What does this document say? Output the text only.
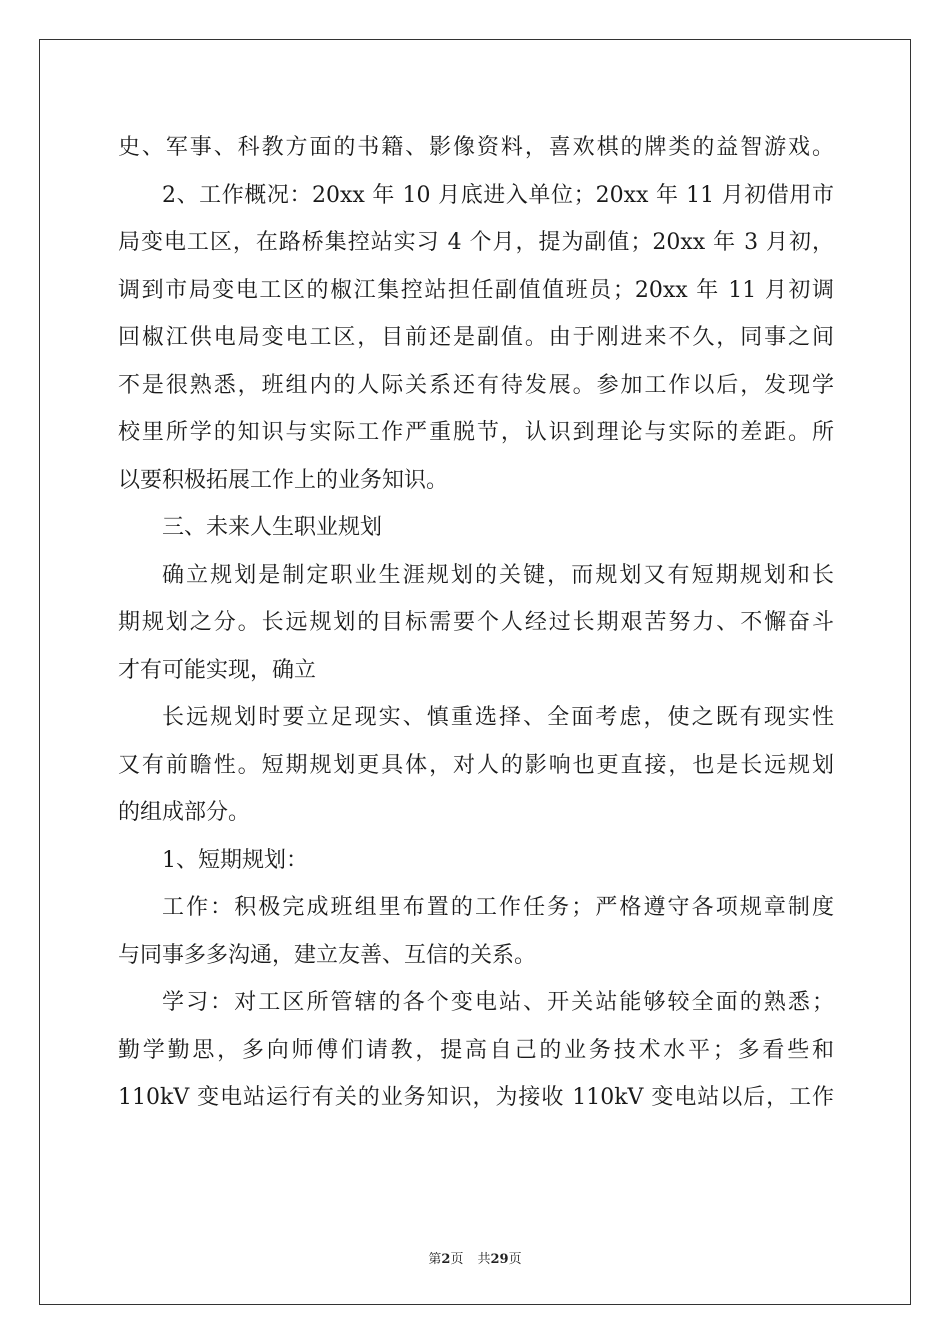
史、军事、科教方面的书籍、影像资料，喜欢棋的牌类的益智游戏。
2、工作概况：20xx 年 10 月底进入单位；20xx 年 11 月初借用市
局变电工区，在路桥集控站实习 4 个月，提为副值；20xx 年 3 月初，
调到市局变电工区的椒江集控站担任副值值班员；20xx 年 11 月初调
回椒江供电局变电工区，目前还是副值。由于刚进来不久，同事之间
不是很熟悉，班组内的人际关系还有待发展。参加工作以后，发现学
校里所学的知识与实际工作严重脱节，认识到理论与实际的差距。所
以要积极拓展工作上的业务知识。
三、未来人生职业规划
确立规划是制定职业生涯规划的关键，而规划又有短期规划和长
期规划之分。长远规划的目标需要个人经过长期艰苦努力、不懈奋斗
才有可能实现，确立
长远规划时要立足现实、慎重选择、全面考虑，使之既有现实性
又有前瞻性。短期规划更具体，对人的影响也更直接，也是长远规划
的组成部分。
1、短期规划：
工作：积极完成班组里布置的工作任务；严格遵守各项规章制度
与同事多多沟通，建立友善、互信的关系。
学习：对工区所管辖的各个变电站、开关站能够较全面的熟悉；
勤学勤思，多向师傅们请教，提高自己的业务技术水平；多看些和
110kV 变电站运行有关的业务知识，为接收 110kV 变电站以后，工作
第2页 共29页
